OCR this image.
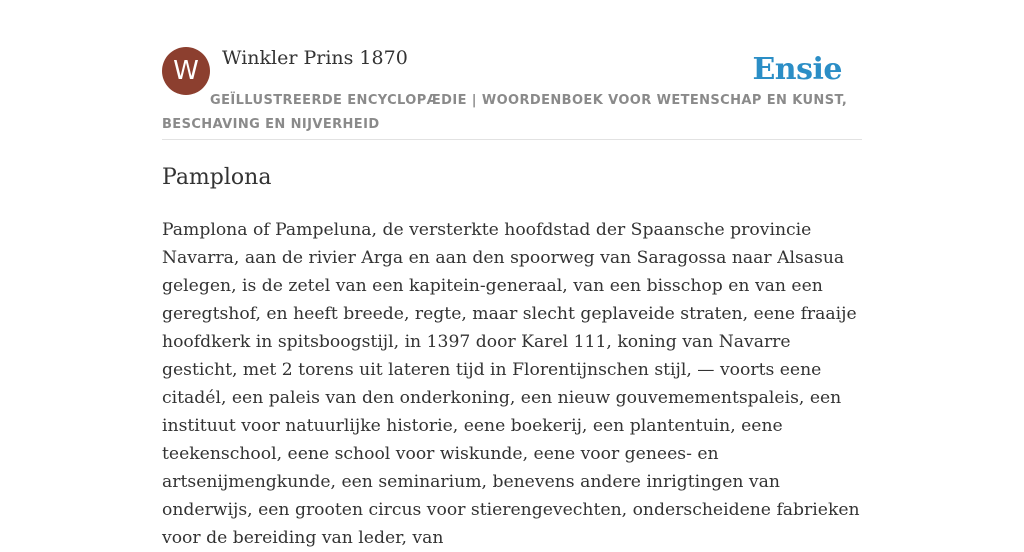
W	Winkler Prins 1870
GEÏLLUSTREERDE ENCYCLOPÆDIE | WOORDENBOEK VOOR WETENSCHAP EN KUNST, BESCHAVING EN NIJVERHEID
Ensie
Pamplona

Pamplona of Pampeluna, de versterkte hoofdstad der Spaansche provincie Navarra, aan de rivier Arga en aan den spoorweg van Saragossa naar Alsasua gelegen, is de zetel van een kapitein-generaal, van een bisschop en van een geregtshof, en heeft breede, regte, maar slecht geplaveide straten, eene fraaije hoofdkerk in spitsboogstijl, in 1397 door Karel 111, koning van Navarre gesticht, met 2 torens uit lateren tijd in Florentijnschen stijl, — voorts eene citadél, een paleis van den onderkoning, een nieuw gouvemementspaleis, een instituut voor natuurlijke historie, eene boekerij, een plantentuin, eene teekenschool, eene school voor wiskunde, eene voor genees- en artsenijmengkunde, een seminarium, benevens andere inrigtingen van onderwijs, een grooten circus voor stierengevechten, onderscheidene fabrieken voor de bereiding van leder, van
